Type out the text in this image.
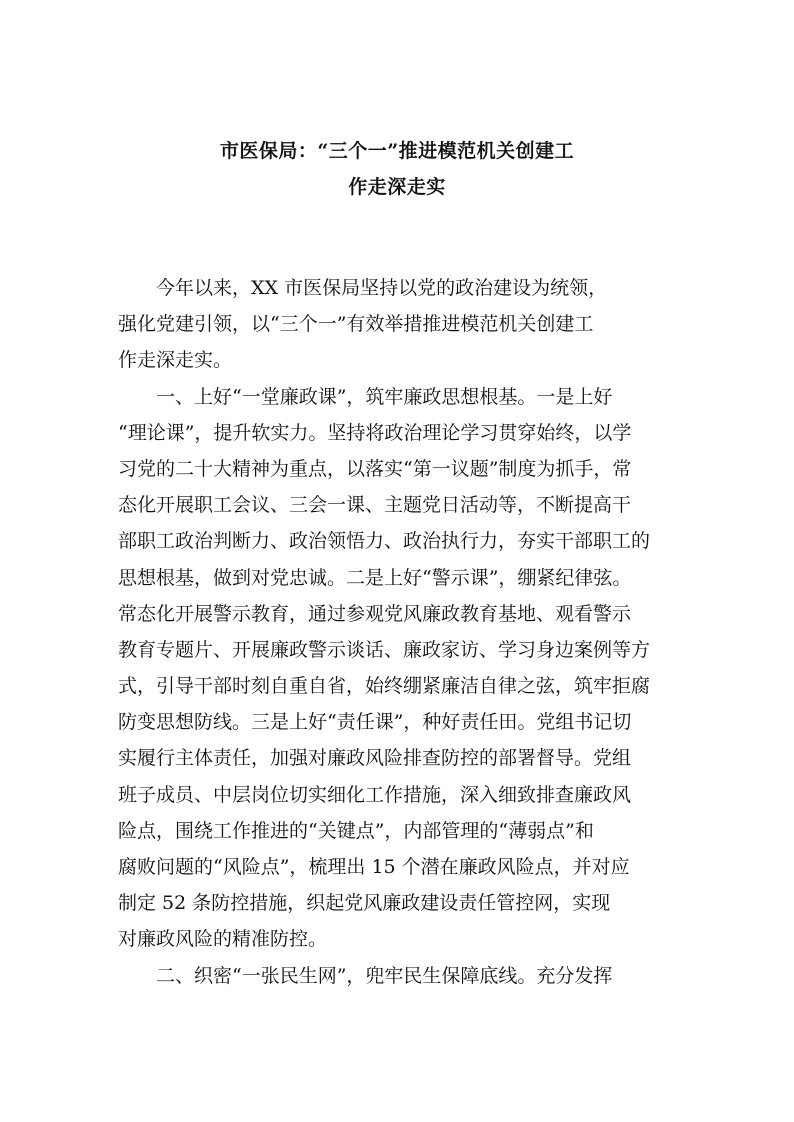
市医保局：“三个一”推进模范机关创建工
作走深走实
　　今年以来，XX 市医保局坚持以党的政治建设为统领，
强化党建引领，以“三个一”有效举措推进模范机关创建工
作走深走实。
　　一、上好“一堂廉政课”，筑牢廉政思想根基。一是上好
“理论课”，提升软实力。坚持将政治理论学习贯穿始终，以学
习党的二十大精神为重点，以落实“第一议题”制度为抓手，常
态化开展职工会议、三会一课、主题党日活动等，不断提高干
部职工政治判断力、政治领悟力、政治执行力，夯实干部职工的
思想根基，做到对党忠诚。二是上好“警示课”，绷紧纪律弦。
常态化开展警示教育，通过参观党风廉政教育基地、观看警示
教育专题片、开展廉政警示谈话、廉政家访、学习身边案例等方
式，引导干部时刻自重自省，始终绷紧廉洁自律之弦，筑牢拒腐
防变思想防线。三是上好“责任课”，种好责任田。党组书记切
实履行主体责任，加强对廉政风险排查防控的部署督导。党组
班子成员、中层岗位切实细化工作措施，深入细致排查廉政风
险点，围绕工作推进的“关键点”，内部管理的“薄弱点”和
腐败问题的“风险点”，梳理出 15 个潜在廉政风险点，并对应
制定 52 条防控措施，织起党风廉政建设责任管控网，实现
对廉政风险的精准防控。
　　二、织密“一张民生网”，兜牢民生保障底线。充分发挥
